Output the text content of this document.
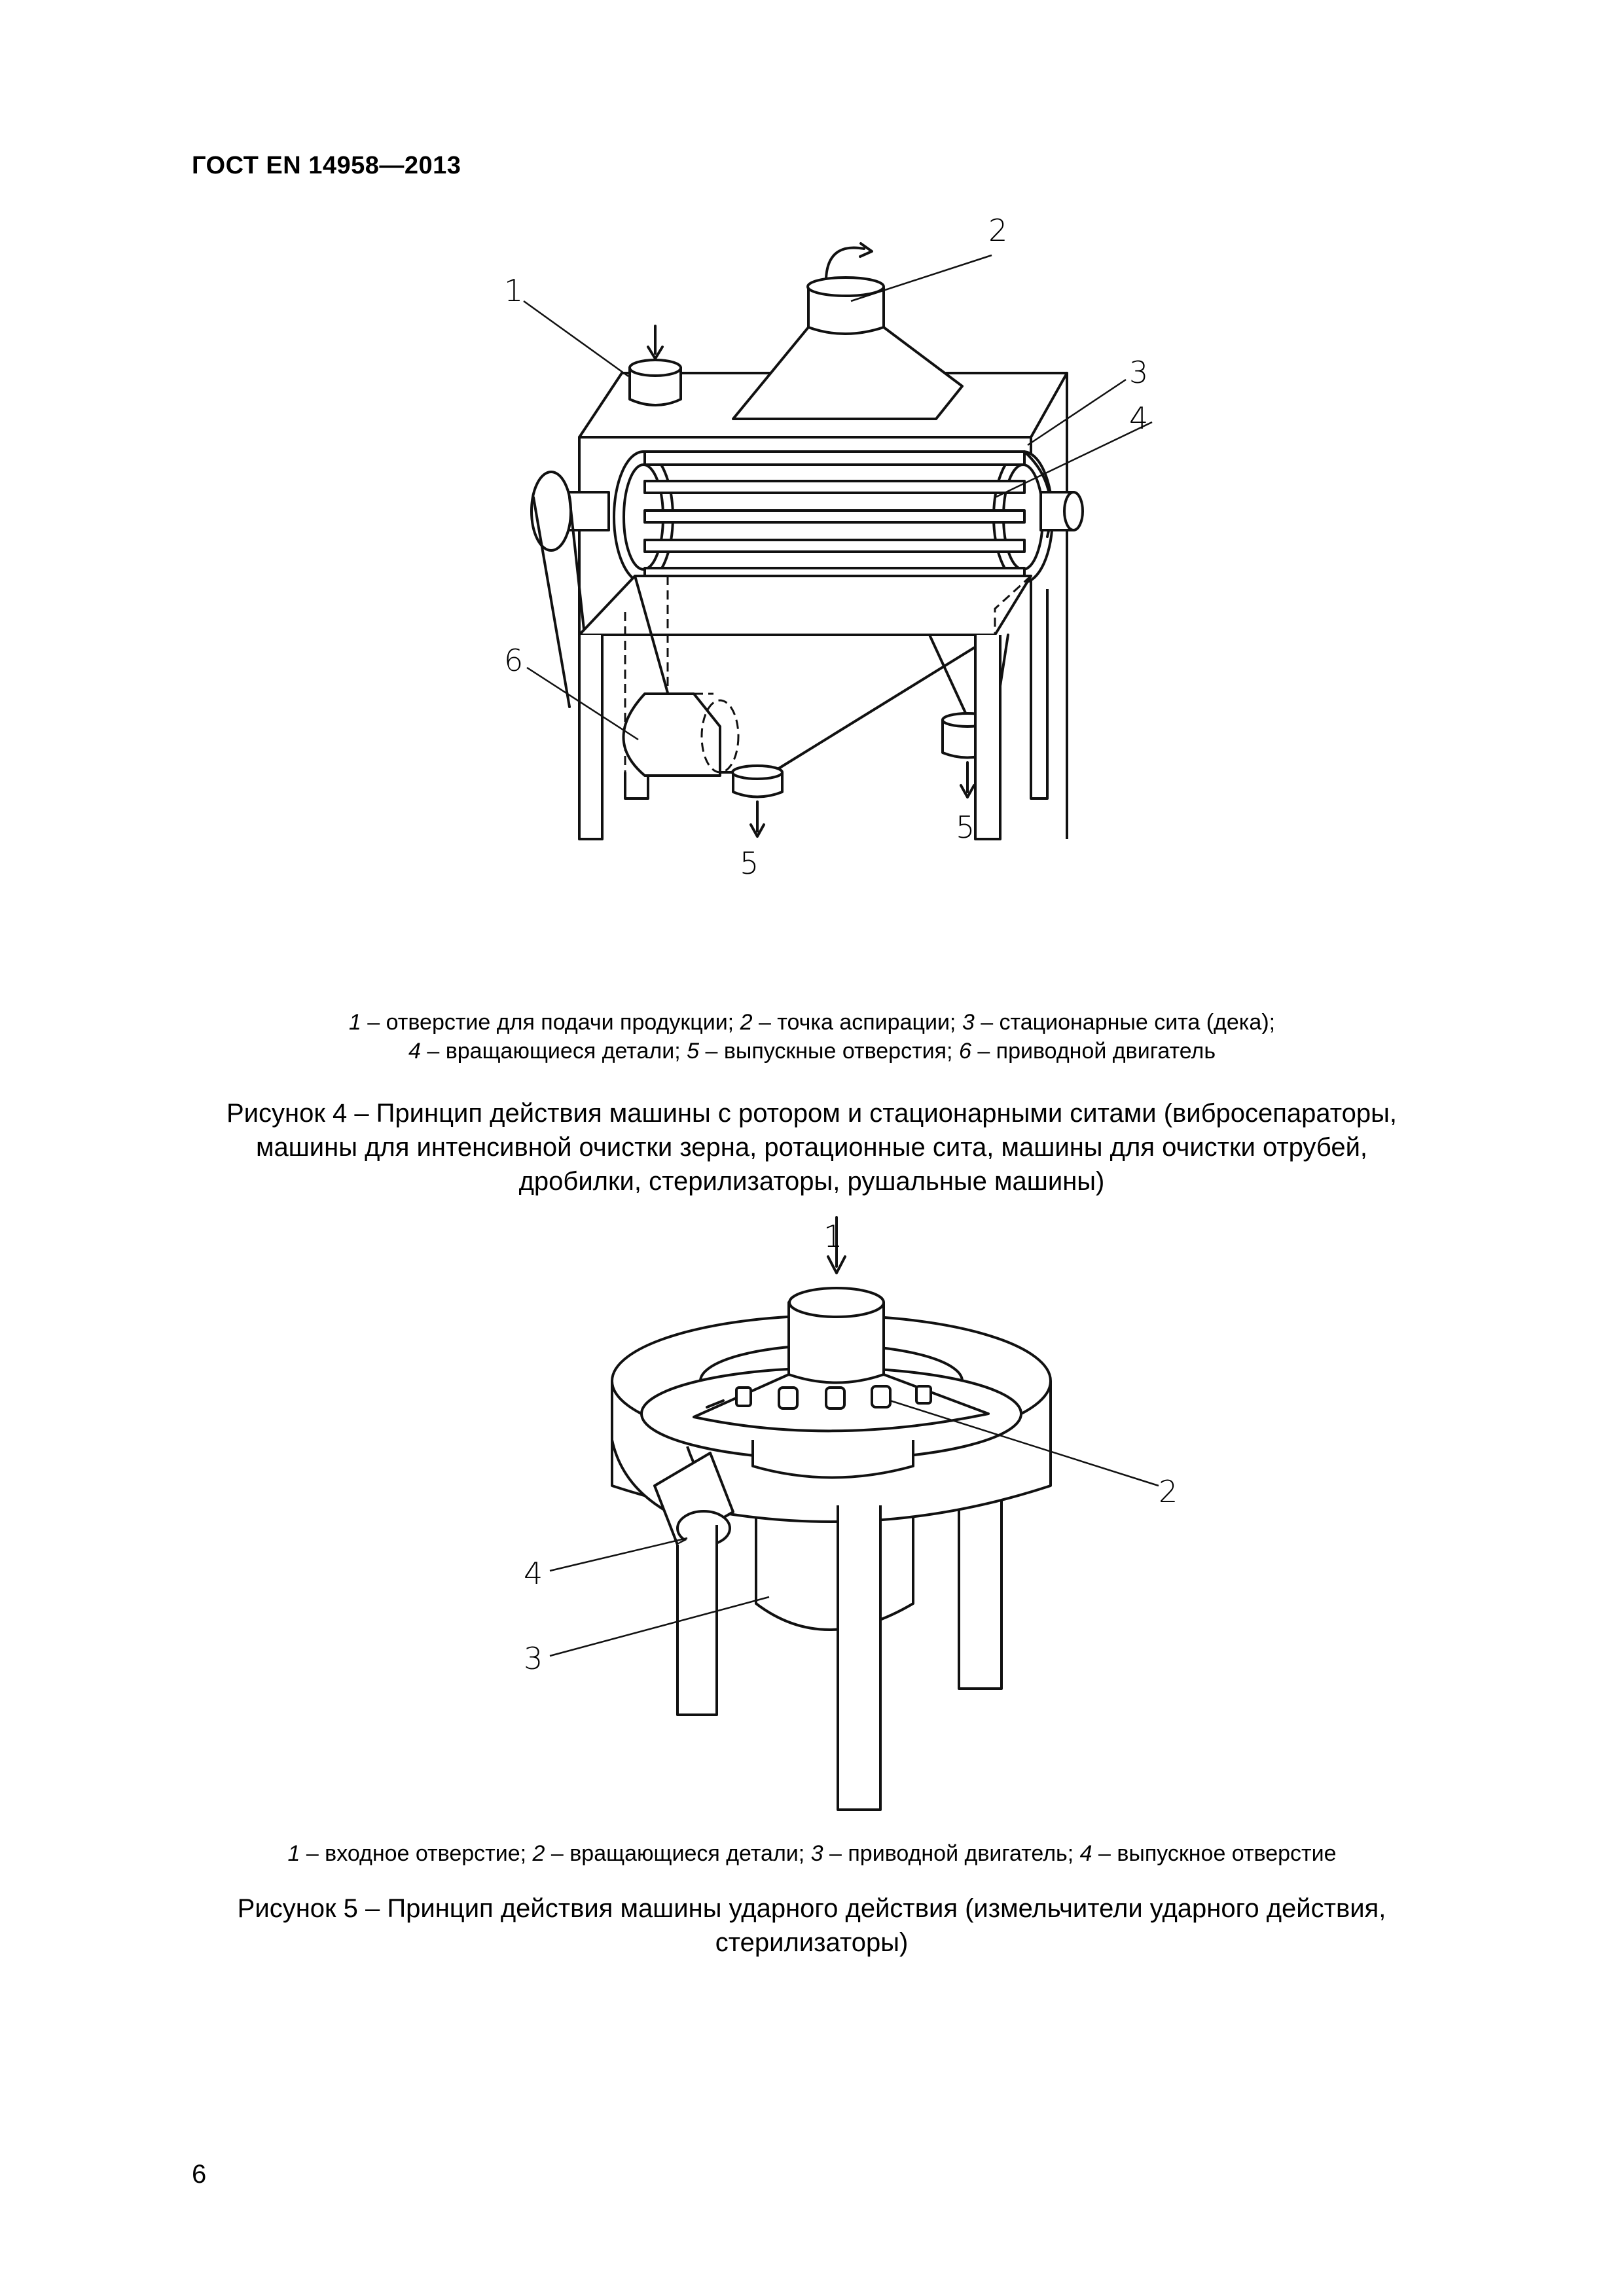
ГОСТ EN 14958—2013
1
2
3
4
5
5
6
1 – отверстие для подачи продукции; 2 – точка аспирации; 3 – стационарные сита (дека);
4 – вращающиеся детали; 5 – выпускные отверстия; 6 – приводной двигатель
Рисунок 4 – Принцип действия машины с ротором и стационарными ситами (вибросепараторы, машины для интенсивной очистки зерна, ротационные сита, машины для очистки отрубей, дробилки, стерилизаторы, рушальные машины)
1
2
3
4
1 – входное отверстие; 2 – вращающиеся детали; 3 – приводной двигатель; 4 – выпускное отверстие
Рисунок 5 – Принцип действия машины ударного действия (измельчители ударного действия, стерилизаторы)
6
